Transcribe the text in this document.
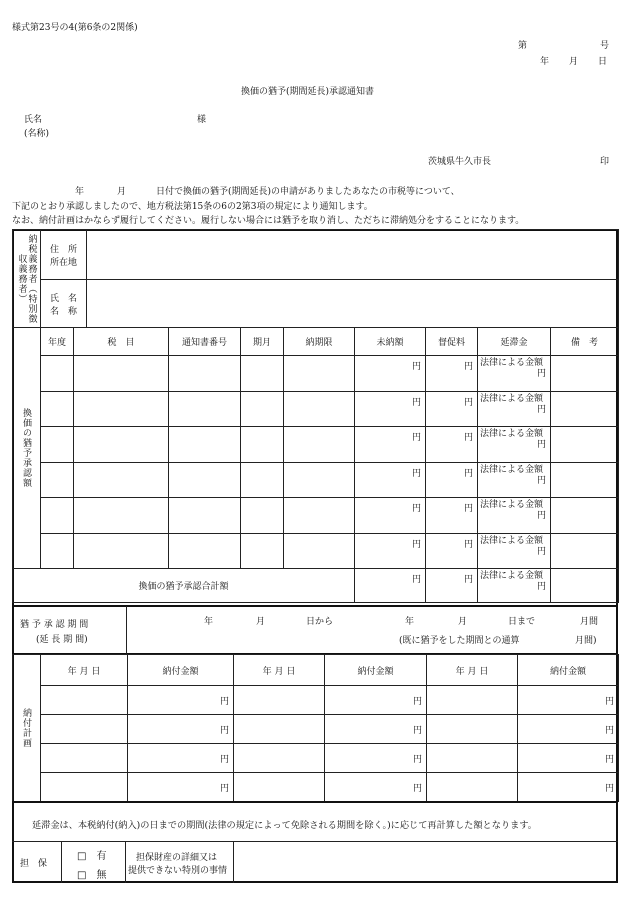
様式第23号の4(第6条の2関係)
第	号
年 月 日
換価の猶予(期間延長)承認通知書
氏名
(名称)
様
茨城県牛久市長	印
年	月	日付で換価の猶予(期間延長)の申請がありましたあなたの市税等について、
下記のとおり承認しましたので、地方税法第15条の6の2第3項の規定により通知します。
なお、納付計画はかならず履行してください。履行しない場合には猶予を取り消し、ただちに滞納処分をすることになります。
納税義務者（特別徴収義務者）	住　所
所在地	

	氏　名
名　称	

換価の猶予承認額	年度	税　目	通知書番号	期月	納期限	未納額	督促料	延滞金	備　考
						円	円	法律による金額
円	

						円	円	法律による金額
円	

						円	円	法律による金額
円	

						円	円	法律による金額
円	

						円	円	法律による金額
円	

						円	円	法律による金額
円	

換価の猶予承認合計額						円	円	法律による金額
円	

猶 予 承 認 期 間
(延 長 期 間)
年	月	日から	年	月	日まで	月間
(既に猶予をした期間との通算	月間)
納付計画	年 月 日	納付金額	年 月 日	納付金額	年 月 日	納付金額
		円		円		円
		円		円		円
		円		円		円
		円		円		円
延滞金は、本税納付(納入)の日までの期間(法律の規定によって免除される期間を除く。)に応じて再計算した額となります。
担　保
□　有
□　無
担保財産の詳細又は
提供できない特別の事情
